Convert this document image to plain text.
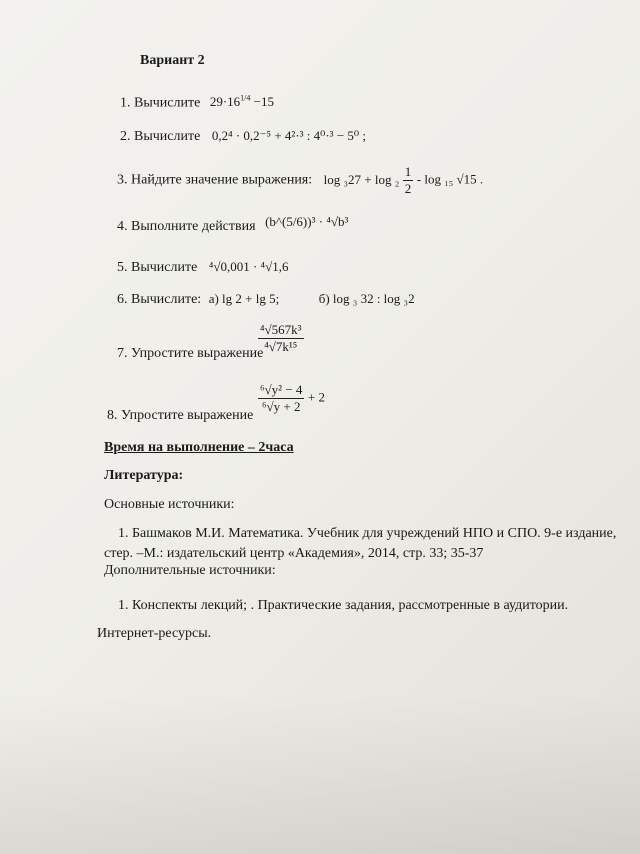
Вариант 2
1. Вычислите $29\cdot 16^{1/4} -15$
2. Вычислите 0,2⁴ · 0,2⁻⁵ + 4²·³ : 4⁰·³ − 5⁰ ;
3. Найдите значение выражения: $\log _327 + \log _2 \frac{1}{2} - \log _{15}$ √15 .
4. Выполните действия (b^(5/6))³ · ⁴√b³
5. Вычислите ⁴√0,001 · ⁴√1,6
6. Вычислите: а) lg 2 + lg 5;	б) log ₃ 32 : log ₃2
7. Упростите выражение
$\frac{\text{⁴√567k³}}{\text{⁴√7k¹⁵}}$
8. Упростите выражение
$\frac{\text{⁶√y² − 4}}{\text{⁶√y + 2}} + 2$
Время на выполнение – 2часа
Литература:
Основные источники:
1. Башмаков М.И. Математика. Учебник для учреждений НПО и СПО. 9-е издание,
стер. –М.: издательский центр «Академия», 2014, стр. 33; 35-37
Дополнительные источники:
1. Конспекты лекций; . Практические задания, рассмотренные в аудитории.
Интернет-ресурсы.
